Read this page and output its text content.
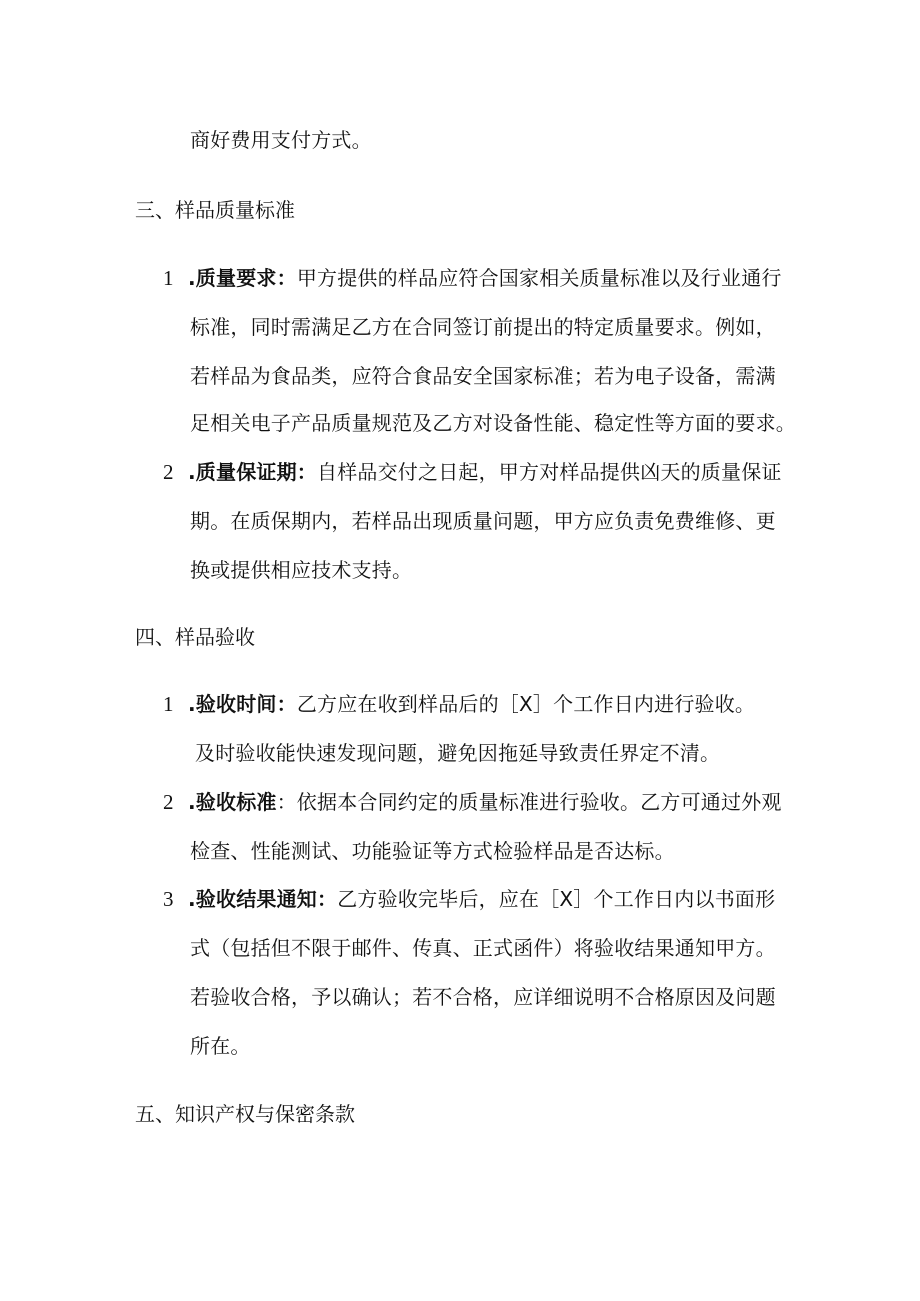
商好费用支付方式。
三、样品质量标准
1 .质量要求：甲方提供的样品应符合国家相关质量标准以及行业通行
标准，同时需满足乙方在合同签订前提出的特定质量要求。例如，
若样品为食品类，应符合食品安全国家标准；若为电子设备，需满
足相关电子产品质量规范及乙方对设备性能、稳定性等方面的要求。
2 .质量保证期：自样品交付之日起，甲方对样品提供凶天的质量保证
期。在质保期内，若样品出现质量问题，甲方应负责免费维修、更
换或提供相应技术支持。
四、样品验收
1 .验收时间：乙方应在收到样品后的［X］个工作日内进行验收。
及时验收能快速发现问题，避免因拖延导致责任界定不清。
2 .验收标准：依据本合同约定的质量标准进行验收。乙方可通过外观
检查、性能测试、功能验证等方式检验样品是否达标。
3 .验收结果通知：乙方验收完毕后，应在［X］个工作日内以书面形
式（包括但不限于邮件、传真、正式函件）将验收结果通知甲方。
若验收合格，予以确认；若不合格，应详细说明不合格原因及问题
所在。
五、知识产权与保密条款
